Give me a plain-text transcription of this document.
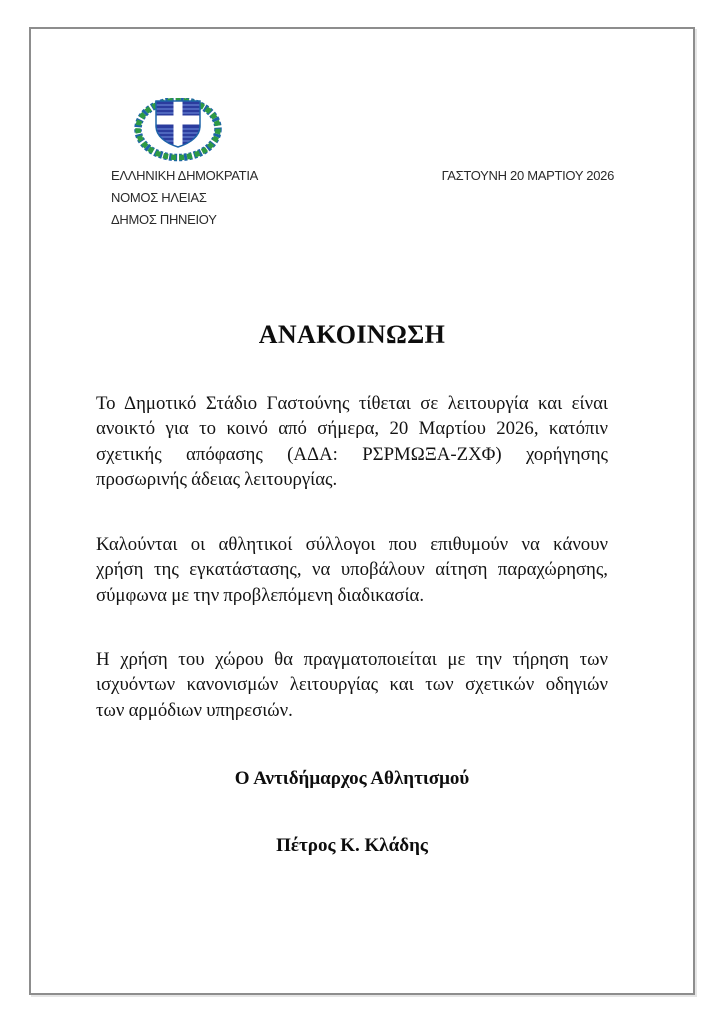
ΕΛΛΗΝΙΚΗ ΔΗΜΟΚΡΑΤΙΑ
ΝΟΜΟΣ ΗΛΕΙΑΣ
ΔΗΜΟΣ ΠΗΝΕΙΟΥ
ΓΑΣΤΟΥΝΗ 20 ΜΑΡΤΙΟΥ 2026
ΑΝΑΚΟΙΝΩΣΗ
Το Δημοτικό Στάδιο Γαστούνης τίθεται σε λειτουργία και είναι
ανοικτό για το κοινό από σήμερα, 20 Μαρτίου 2026, κατόπιν
σχετικής απόφασης (ΑΔΑ: ΡΣΡΜΩΞΑ-ΖΧΦ) χορήγησης
προσωρινής άδειας λειτουργίας.
Καλούνται οι αθλητικοί σύλλογοι που επιθυμούν να κάνουν
χρήση της εγκατάστασης, να υποβάλουν αίτηση παραχώρησης,
σύμφωνα με την προβλεπόμενη διαδικασία.
Η χρήση του χώρου θα πραγματοποιείται με την τήρηση των
ισχυόντων κανονισμών λειτουργίας και των σχετικών οδηγιών
των αρμόδιων υπηρεσιών.
Ο Αντιδήμαρχος Αθλητισμού
Πέτρος Κ. Κλάδης
